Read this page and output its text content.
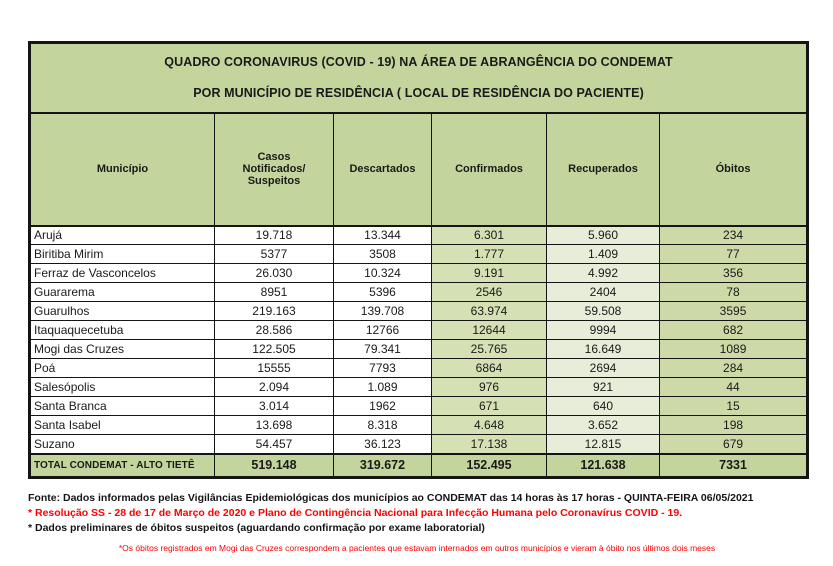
QUADRO CORONAVIRUS (COVID - 19) NA ÁREA DE ABRANGÊNCIA DO CONDEMAT
POR MUNICÍPIO DE RESIDÊNCIA ( LOCAL DE RESIDÊNCIA DO PACIENTE)					

Município	Casos Notificados/ Suspeitos	Descartados	Confirmados	Recuperados	Óbitos
Arujá	19.718	13.344	6.301	5.960	234
Biritiba Mirim	5377	3508	1.777	1.409	77
Ferraz de Vasconcelos	26.030	10.324	9.191	4.992	356
Guararema	8951	5396	2546	2404	78
Guarulhos	219.163	139.708	63.974	59.508	3595
Itaquaquecetuba	28.586	12766	12644	9994	682
Mogi das Cruzes	122.505	79.341	25.765	16.649	1089
Poá	15555	7793	6864	2694	284
Salesópolis	2.094	1.089	976	921	44
Santa Branca	3.014	1962	671	640	15
Santa Isabel	13.698	8.318	4.648	3.652	198
Suzano	54.457	36.123	17.138	12.815	679
TOTAL CONDEMAT - ALTO TIETÊ	519.148	319.672	152.495	121.638	7331
Fonte: Dados informados pelas Vigilâncias Epidemiológicas dos municípios ao CONDEMAT das 14 horas às 17 horas - QUINTA-FEIRA 06/05/2021
* Resolução SS - 28 de 17 de Março de 2020 e Plano de Contingência Nacional para Infecção Humana pelo Coronavírus COVID - 19.
* Dados preliminares de óbitos suspeitos (aguardando confirmação por exame laboratorial)
*Os óbitos registrados em Mogi das Cruzes correspondem a pacientes que estavam internados em outros municípios e vieram à óbito nos últimos dois meses
